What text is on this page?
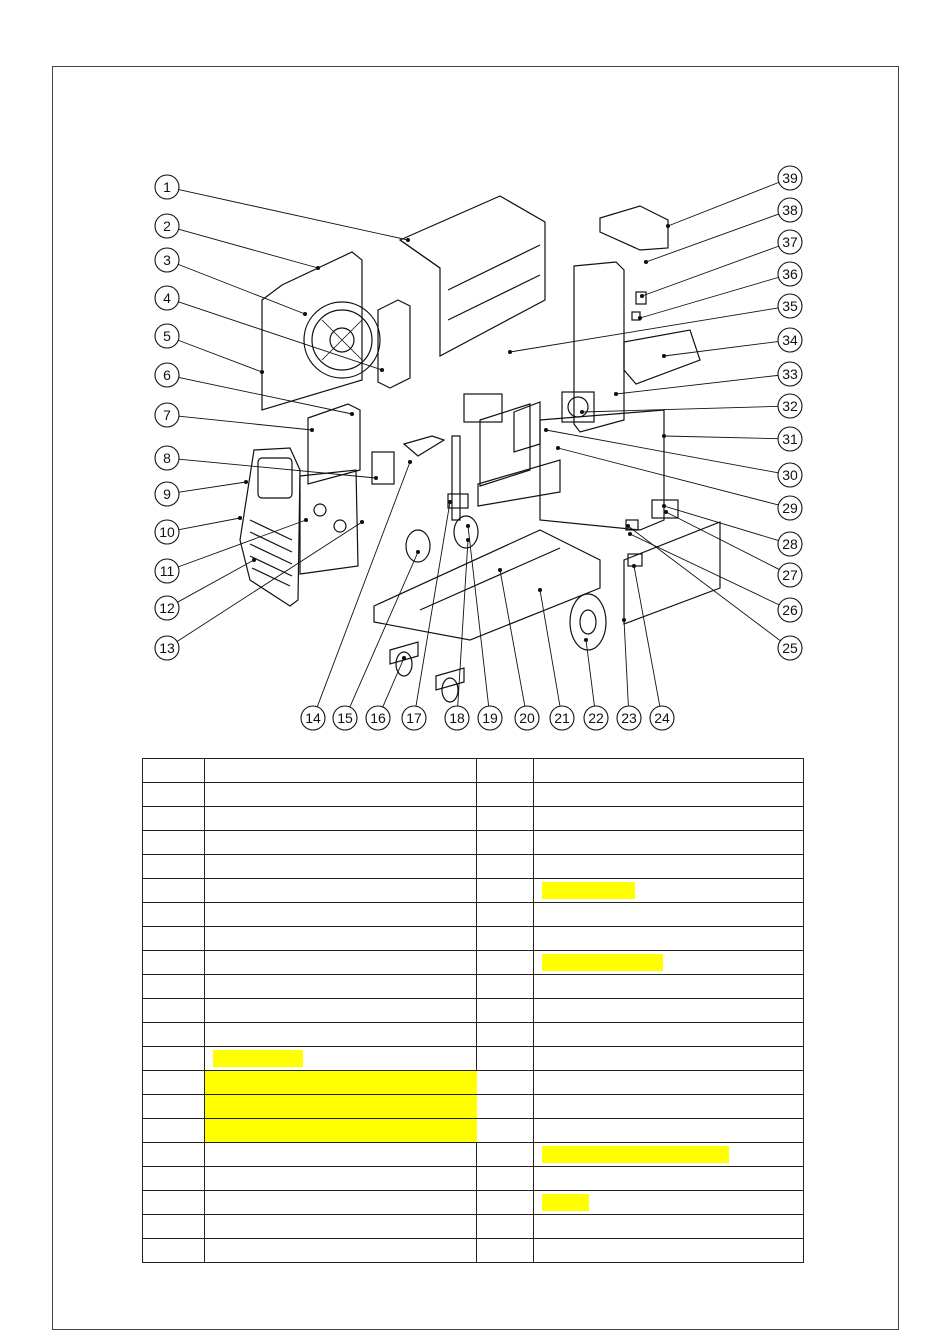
1
2
3
4
5
6
7
8
9
10
11
12
13
14 15 16 17 18 19 20 21 22 23 24
25
26
27
28
29
30
31
32
33
34
35
36
37
38
39
